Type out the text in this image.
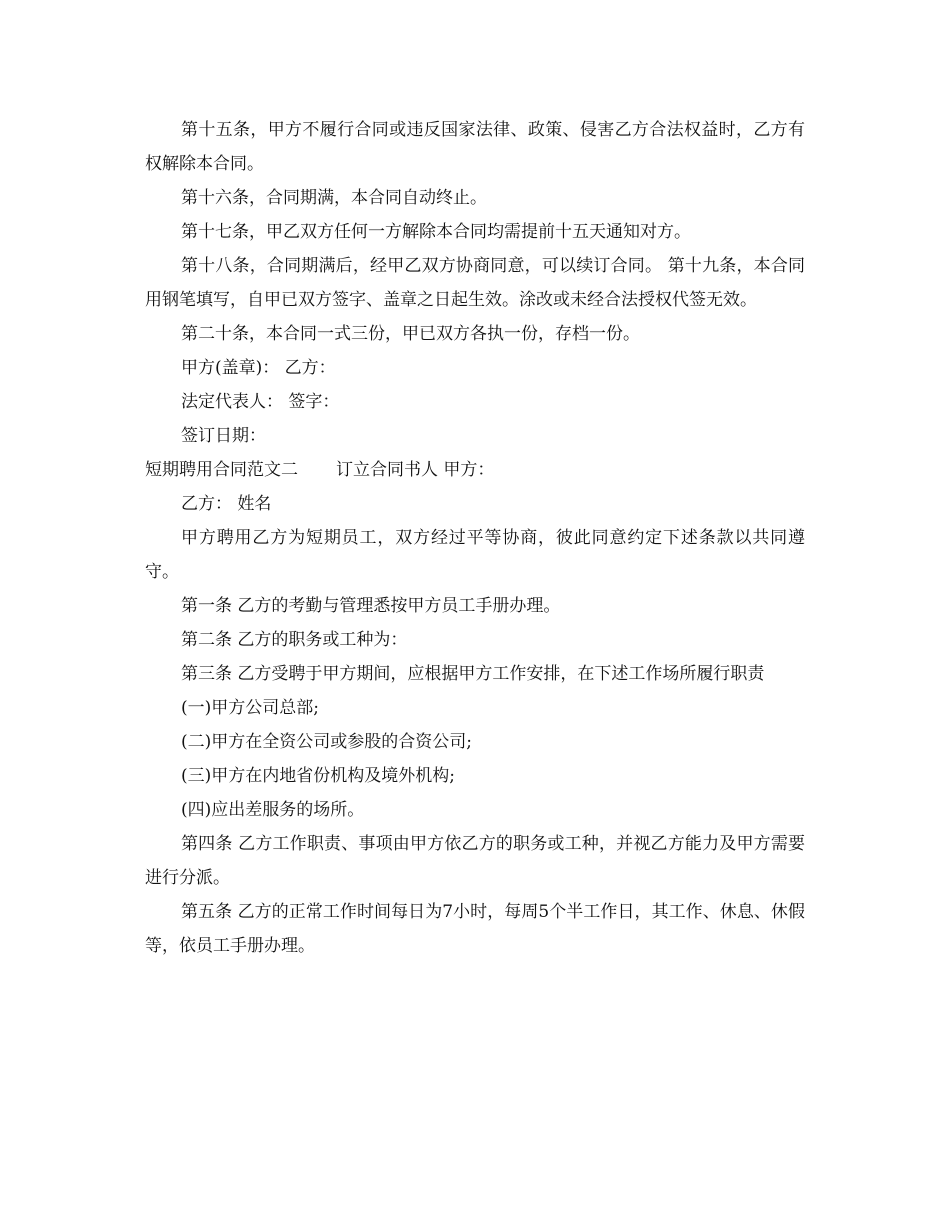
第十五条，甲方不履行合同或违反国家法律、政策、侵害乙方合法权益时，乙方有权解除本合同。

第十六条，合同期满，本合同自动终止。

第十七条，甲乙双方任何一方解除本合同均需提前十五天通知对方。

第十八条，合同期满后，经甲乙双方协商同意，可以续订合同。 第十九条，本合同用钢笔填写，自甲已双方签字、盖章之日起生效。涂改或未经合法授权代签无效。

第二十条，本合同一式三份，甲已双方各执一份，存档一份。

甲方(盖章)： 乙方：

法定代表人： 签字：

签订日期：

短期聘用合同范文二 订立合同书人 甲方：

乙方： 姓名

甲方聘用乙方为短期员工，双方经过平等协商，彼此同意约定下述条款以共同遵守。

第一条 乙方的考勤与管理悉按甲方员工手册办理。

第二条 乙方的职务或工种为：

第三条 乙方受聘于甲方期间，应根据甲方工作安排，在下述工作场所履行职责

(一)甲方公司总部;

(二)甲方在全资公司或参股的合资公司;

(三)甲方在内地省份机构及境外机构;

(四)应出差服务的场所。

第四条 乙方工作职责、事项由甲方依乙方的职务或工种，并视乙方能力及甲方需要进行分派。

第五条 乙方的正常工作时间每日为7小时，每周5个半工作日，其工作、休息、休假等，依员工手册办理。
